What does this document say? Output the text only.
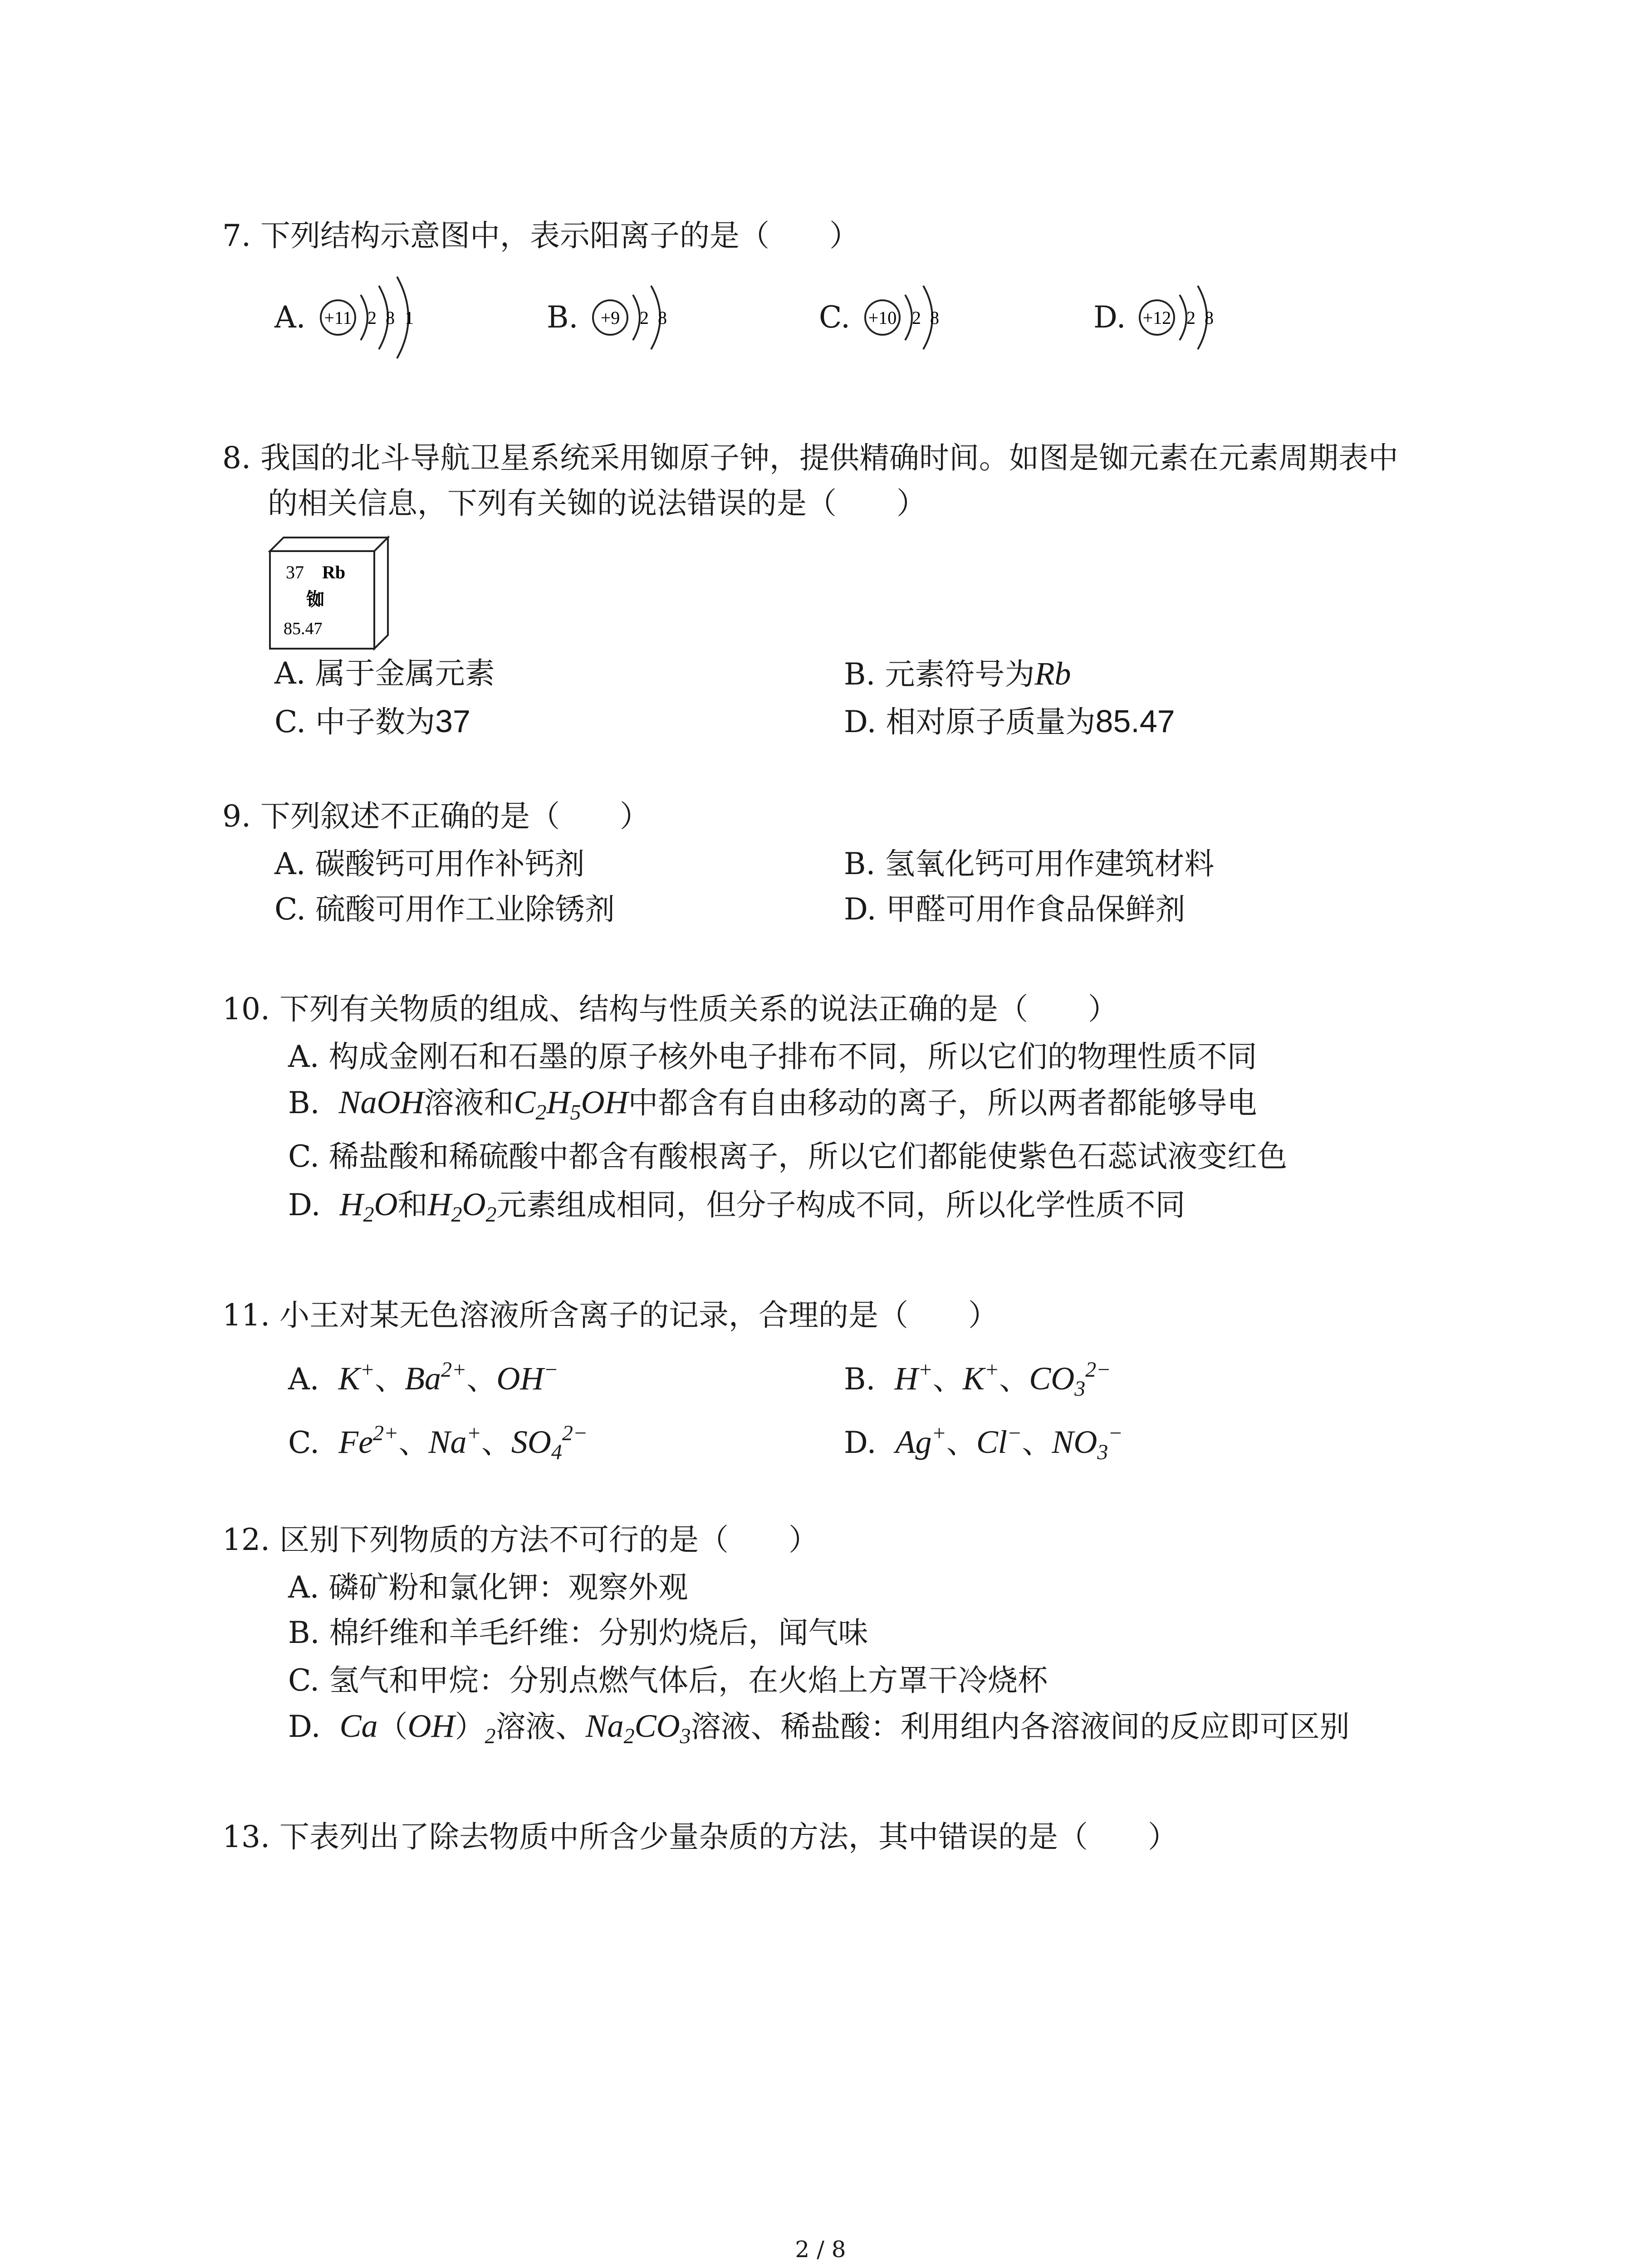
7. 下列结构示意图中，表示阳离子的是（　　）
A. +11 2 8 1	B. +9 2 8	C. +10 2 8	D. +12 2 8
8. 我国的北斗导航卫星系统采用铷原子钟，提供精确时间。如图是铷元素在元素周期表中
的相关信息，下列有关铷的说法错误的是（　　）
37 Rb
铷
85.47
A. 属于金属元素	B. 元素符号为Rb
C. 中子数为37	D. 相对原子质量为85.47
9. 下列叙述不正确的是（　　）
A. 碳酸钙可用作补钙剂	B. 氢氧化钙可用作建筑材料
C. 硫酸可用作工业除锈剂	D. 甲醛可用作食品保鲜剂
10. 下列有关物质的组成、结构与性质关系的说法正确的是（　　）
A. 构成金刚石和石墨的原子核外电子排布不同，所以它们的物理性质不同
B. NaOH溶液和$C_2H_5OH$中都含有自由移动的离子，所以两者都能够导电
C. 稀盐酸和稀硫酸中都含有酸根离子，所以它们都能使紫色石蕊试液变红色
D. $H_2O$和$H_2O_2$元素组成相同，但分子构成不同，所以化学性质不同
11. 小王对某无色溶液所含离子的记录，合理的是（　　）
A. K+、$Ba^{2+}$、OH−	B. H+、K+、$CO_3^{2-}$
C. $Fe^{2+}$、Na+、$SO_4^{2-}$	D. Ag+、Cl−、$NO_3^-$
12. 区别下列物质的方法不可行的是（　　）
A. 磷矿粉和氯化钾：观察外观
B. 棉纤维和羊毛纤维：分别灼烧后，闻气味
C. 氢气和甲烷：分别点燃气体后，在火焰上方罩干冷烧杯
D. $Ca(OH)_2$溶液、$Na_2CO_3$溶液、稀盐酸：利用组内各溶液间的反应即可区别
13. 下表列出了除去物质中所含少量杂质的方法，其中错误的是（　　）
2 / 8
